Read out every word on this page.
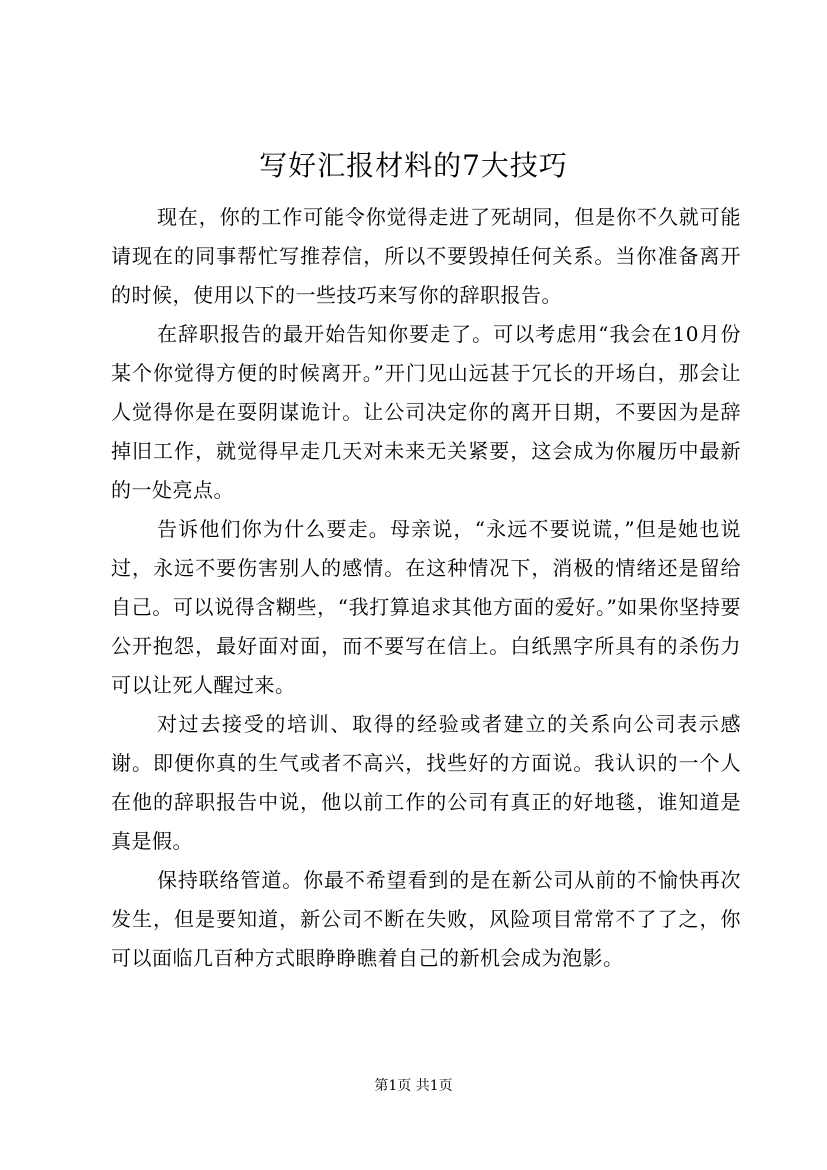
写好汇报材料的7大技巧

现在，你的工作可能令你觉得走进了死胡同，但是你不久就可能请现在的同事帮忙写推荐信，所以不要毁掉任何关系。当你准备离开的时候，使用以下的一些技巧来写你的辞职报告。

在辞职报告的最开始告知你要走了。可以考虑用“我会在10月份某个你觉得方便的时候离开。”开门见山远甚于冗长的开场白，那会让人觉得你是在耍阴谋诡计。让公司决定你的离开日期，不要因为是辞掉旧工作，就觉得早走几天对未来无关紧要，这会成为你履历中最新的一处亮点。

告诉他们你为什么要走。母亲说，“永远不要说谎，”但是她也说过，永远不要伤害别人的感情。在这种情况下，消极的情绪还是留给自己。可以说得含糊些，“我打算追求其他方面的爱好。”如果你坚持要公开抱怨，最好面对面，而不要写在信上。白纸黑字所具有的杀伤力可以让死人醒过来。

对过去接受的培训、取得的经验或者建立的关系向公司表示感谢。即便你真的生气或者不高兴，找些好的方面说。我认识的一个人在他的辞职报告中说，他以前工作的公司有真正的好地毯，谁知道是真是假。

保持联络管道。你最不希望看到的是在新公司从前的不愉快再次发生，但是要知道，新公司不断在失败，风险项目常常不了了之，你可以面临几百种方式眼睁睁瞧着自己的新机会成为泡影。

第1页 共1页
